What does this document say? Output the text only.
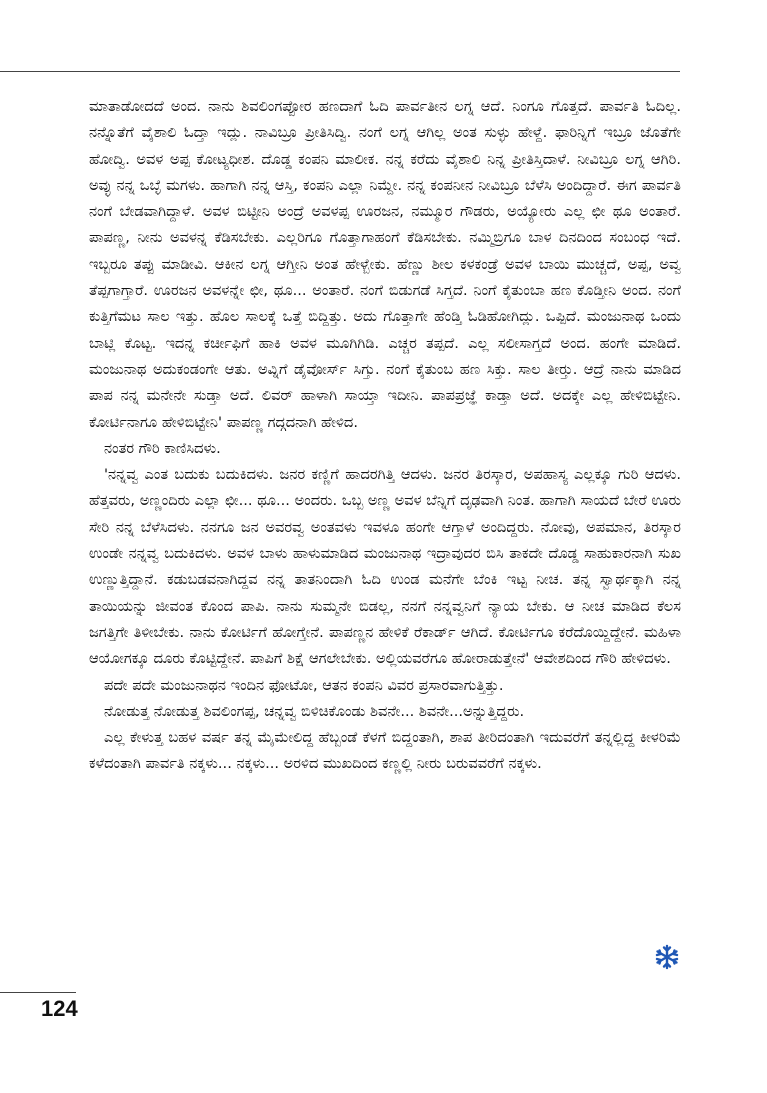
ಮಾತಾಡೋದದೆ ಅಂದ. ನಾನು ಶಿವಲಿಂಗಪ್ಪೋರ ಹಣದಾಗೆ ಓದಿ ಪಾರ್ವತೀನ ಲಗ್ನ ಆದೆ. ನಿಂಗೂ ಗೊತ್ತದೆ. ಪಾರ್ವತಿ ಓದಿಲ್ಲ. ನನ್ನೊತೆಗೆ ವೈಶಾಲಿ ಓದ್ತಾ ಇದ್ಲು. ನಾವಿಬ್ರೂ ಪ್ರೀತಿಸಿದ್ವಿ. ನಂಗೆ ಲಗ್ನ ಆಗಿಲ್ಲ ಅಂತ ಸುಳ್ಳು ಹೇಳ್ದೆ. ಫಾರಿನ್ನಿಗೆ ಇಬ್ರೂ ಜೊತೆಗೇ ಹೋದ್ವಿ. ಅವಳ ಅಪ್ಪ ಕೋಟ್ಯಧೀಶ. ದೊಡ್ಡ ಕಂಪನಿ ಮಾಲೀಕ. ನನ್ನ ಕರೆದು ವೈಶಾಲಿ ನಿನ್ನ ಪ್ರೀತಿಸ್ತಿದಾಳೆ. ನೀವಿಬ್ರೂ ಲಗ್ನ ಆಗಿರಿ. ಅವ್ಳು ನನ್ನ ಒಬ್ಳೆ ಮಗಳು. ಹಾಗಾಗಿ ನನ್ನ ಆಸ್ತಿ, ಕಂಪನಿ ಎಲ್ಲಾ ನಿಮ್ದೇ. ನನ್ನ ಕಂಪನೀನ ನೀವಿಬ್ರೂ ಬೆಳೆಸಿ ಅಂದಿದ್ದಾರೆ. ಈಗ ಪಾರ್ವತಿ ನಂಗೆ ಬೇಡವಾಗಿದ್ದಾಳೆ. ಅವಳ ಬಿಟ್ಟೀನಿ ಅಂದ್ರೆ ಅವಳಪ್ಪ ಊರಜನ, ನಮ್ಮೂರ ಗೌಡರು, ಅಯ್ಯೋರು ಎಲ್ಲ ಛೀ ಥೂ ಅಂತಾರೆ. ಪಾಪಣ್ಣ, ನೀನು ಅವಳನ್ನ ಕೆಡಿಸಬೇಕು. ಎಲ್ಲರಿಗೂ ಗೊತ್ತಾಗಾಹಂಗೆ ಕೆಡಿಸಬೇಕು. ನಮ್ಮಿಬ್ರಿಗೂ ಬಾಳ ದಿನದಿಂದ ಸಂಬಂಧ ಇದೆ. ಇಬ್ಬರೂ ತಪ್ಪು ಮಾಡೀವಿ. ಆಕೀನ ಲಗ್ನ ಆಗ್ತೀನಿ ಅಂತ ಹೇಳ್ಬೇಕು. ಹೆಣ್ಣು ಶೀಲ ಕಳಕಂಡ್ರೆ ಅವಳ ಬಾಯಿ ಮುಚ್ಚದೆ, ಅಪ್ಪ, ಅವ್ವ ತೆಪ್ಪಗಾಗ್ತಾರೆ. ಊರಜನ ಅವಳನ್ನೇ ಛೀ, ಥೂ... ಅಂತಾರೆ. ನಂಗೆ ಬಿಡುಗಡೆ ಸಿಗ್ತದೆ. ನಿಂಗೆ ಕೈತುಂಬಾ ಹಣ ಕೊಡ್ತೀನಿ ಅಂದ. ನಂಗೆ ಕುತ್ತಿಗೆಮಟ ಸಾಲ ಇತ್ತು. ಹೊಲ ಸಾಲಕ್ಕೆ ಒತ್ತೆ ಬಿದ್ದಿತ್ತು. ಅದು ಗೊತ್ತಾಗೇ ಹೆಂಡ್ತಿ ಓಡಿಹೋಗಿದ್ಲು. ಒಪ್ಪಿದೆ. ಮಂಜುನಾಥ ಒಂದು ಬಾಟ್ಲಿ ಕೊಟ್ಟ. ಇದನ್ನ ಕರ್ಚೀಫಿಗೆ ಹಾಕಿ ಅವಳ ಮೂಗಿಗಿಡಿ. ಎಚ್ಚರ ತಪ್ಪದೆ. ಎಲ್ಲ ಸಲೀಸಾಗ್ತದೆ ಅಂದ. ಹಂಗೇ ಮಾಡಿದೆ. ಮಂಜುನಾಥ ಅದುಕಂಡಂಗೇ ಆತು. ಅವ್ನಿಗೆ ಡೈವೋರ್ಸ್ ಸಿಗ್ತು. ನಂಗೆ ಕೈತುಂಬ ಹಣ ಸಿಕ್ತು. ಸಾಲ ತೀರ್‍ತು. ಆದ್ರೆ ನಾನು ಮಾಡಿದ ಪಾಪ ನನ್ನ ಮನೇನೇ ಸುಡ್ತಾ ಅದೆ. ಲಿವರ್ ಹಾಳಾಗಿ ಸಾಯ್ತಾ ಇದೀನಿ. ಪಾಪಪ್ರಜ್ಞೆ ಕಾಡ್ತಾ ಅದೆ. ಅದಕ್ಕೇ ಎಲ್ಲ ಹೇಳಿಬಿಟ್ಟೇನಿ. ಕೋರ್ಟಿನಾಗೂ ಹೇಳಿಬಿಟ್ಟೇನಿ' ಪಾಪಣ್ಣ ಗದ್ಗದನಾಗಿ ಹೇಳಿದ.

ನಂತರ ಗೌರಿ ಕಾಣಿಸಿದಳು.

'ನನ್ನವ್ವ ಎಂತ ಬದುಕು ಬದುಕಿದಳು. ಜನರ ಕಣ್ಣಿಗೆ ಹಾದರಗಿತ್ತಿ ಆದಳು. ಜನರ ತಿರಸ್ಕಾರ, ಅಪಹಾಸ್ಯ ಎಲ್ಲಕ್ಕೂ ಗುರಿ ಆದಳು. ಹೆತ್ತವರು, ಅಣ್ಣಂದಿರು ಎಲ್ಲಾ ಛೀ... ಥೂ... ಅಂದರು. ಒಬ್ಬ ಅಣ್ಣ ಅವಳ ಬೆನ್ನಿಗೆ ದೃಢವಾಗಿ ನಿಂತ. ಹಾಗಾಗಿ ಸಾಯದೆ ಬೇರೆ ಊರು ಸೇರಿ ನನ್ನ ಬೆಳೆಸಿದಳು. ನನಗೂ ಜನ ಅವರವ್ವ ಅಂತವಳು ಇವಳೂ ಹಂಗೇ ಆಗ್ತಾಳೆ ಅಂದಿದ್ದರು. ನೋವು, ಅಪಮಾನ, ತಿರಸ್ಕಾರ ಉಂಡೇ ನನ್ನವ್ವ ಬದುಕಿದಳು. ಅವಳ ಬಾಳು ಹಾಳುಮಾಡಿದ ಮಂಜುನಾಥ ಇದ್ರಾವುದರ ಬಿಸಿ ತಾಕದೇ ದೊಡ್ಡ ಸಾಹುಕಾರನಾಗಿ ಸುಖ ಉಣ್ಣುತ್ತಿದ್ದಾನೆ. ಕಡುಬಡವನಾಗಿದ್ದವ ನನ್ನ ತಾತನಿಂದಾಗಿ ಓದಿ ಉಂಡ ಮನೆಗೇ ಬೆಂಕಿ ಇಟ್ಟ ನೀಚ. ತನ್ನ ಸ್ವಾರ್ಥಕ್ಕಾಗಿ ನನ್ನ ತಾಯಿಯನ್ನು ಜೀವಂತ ಕೊಂದ ಪಾಪಿ. ನಾನು ಸುಮ್ಮನೇ ಬಿಡಲ್ಲ, ನನಗೆ ನನ್ನವ್ವನಿಗೆ ನ್ಯಾಯ ಬೇಕು. ಆ ನೀಚ ಮಾಡಿದ ಕೆಲಸ ಜಗತ್ತಿಗೇ ತಿಳೀಬೇಕು. ನಾನು ಕೋರ್ಟಿಗೆ ಹೋಗ್ತೇನೆ. ಪಾಪಣ್ಣನ ಹೇಳಿಕೆ ರೆಕಾರ್ಡ್ ಆಗಿದೆ. ಕೋರ್ಟಿಗೂ ಕರೆದೊಯ್ದಿದ್ದೇನೆ. ಮಹಿಳಾ ಆಯೋಗಕ್ಕೂ ದೂರು ಕೊಟ್ಟಿದ್ದೇನೆ. ಪಾಪಿಗೆ ಶಿಕ್ಷೆ ಆಗಲೇಬೇಕು. ಅಲ್ಲಿಯವರೆಗೂ ಹೋರಾಡುತ್ತೇನೆ' ಆವೇಶದಿಂದ ಗೌರಿ ಹೇಳಿದಳು.

ಪದೇ ಪದೇ ಮಂಜುನಾಥನ ಇಂದಿನ ಫೋಟೋ, ಆತನ ಕಂಪನಿ ವಿವರ ಪ್ರಸಾರವಾಗುತ್ತಿತ್ತು.

ನೋಡುತ್ತ ನೋಡುತ್ತ ಶಿವಲಿಂಗಪ್ಪ, ಚನ್ನವ್ವ ಬಿಳಿಚಿಕೊಂಡು ಶಿವನೇ... ಶಿವನೇ...ಅನ್ನುತ್ತಿದ್ದರು.

ಎಲ್ಲ ಕೇಳುತ್ತ ಬಹಳ ವರ್ಷ ತನ್ನ ಮೈಮೇಲಿದ್ದ ಹೆಬ್ಬಂಡೆ ಕೆಳಗೆ ಬಿದ್ದಂತಾಗಿ, ಶಾಪ ತೀರಿದಂತಾಗಿ ಇದುವರೆಗೆ ತನ್ನಲ್ಲಿದ್ದ ಕೀಳರಿಮೆ ಕಳೆದಂತಾಗಿ ಪಾರ್ವತಿ ನಕ್ಕಳು... ನಕ್ಕಳು... ಅರಳಿದ ಮುಖದಿಂದ ಕಣ್ಣಲ್ಲಿ ನೀರು ಬರುವವರೆಗೆ ನಕ್ಕಳು.

124
